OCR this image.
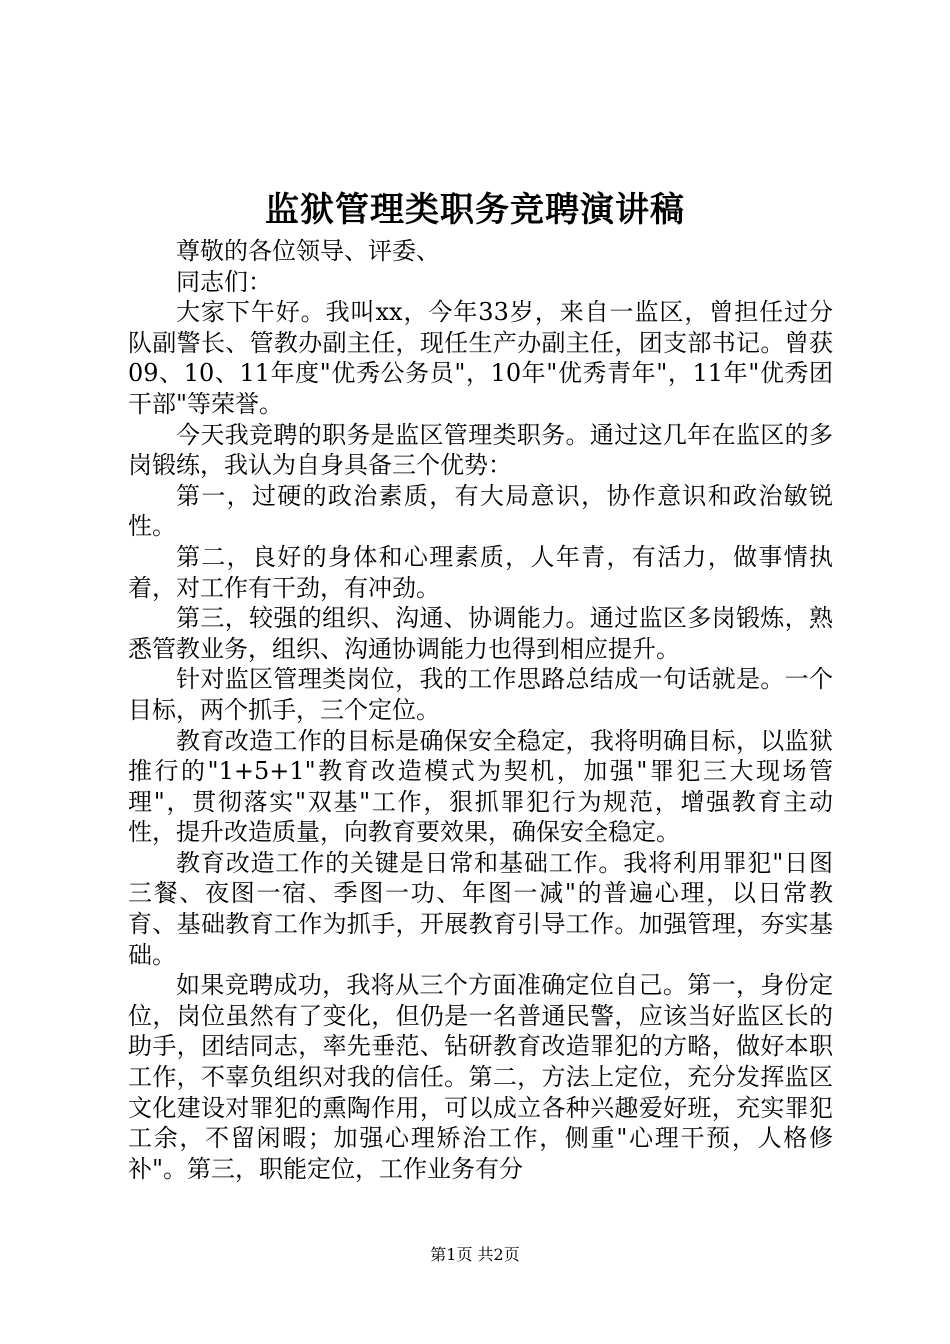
监狱管理类职务竞聘演讲稿

尊敬的各位领导、评委、

同志们：

大家下午好。我叫xx，今年33岁，来自一监区，曾担任过分队副警长、管教办副主任，现任生产办副主任，团支部书记。曾获09、10、11年度"优秀公务员"，10年"优秀青年"，11年"优秀团干部"等荣誉。

今天我竞聘的职务是监区管理类职务。通过这几年在监区的多岗锻练，我认为自身具备三个优势：

第一，过硬的政治素质，有大局意识，协作意识和政治敏锐性。

第二，良好的身体和心理素质，人年青，有活力，做事情执着，对工作有干劲，有冲劲。

第三，较强的组织、沟通、协调能力。通过监区多岗锻炼，熟悉管教业务，组织、沟通协调能力也得到相应提升。

针对监区管理类岗位，我的工作思路总结成一句话就是。一个目标，两个抓手，三个定位。

教育改造工作的目标是确保安全稳定，我将明确目标，以监狱推行的"1+5+1"教育改造模式为契机，加强"罪犯三大现场管理"，贯彻落实"双基"工作，狠抓罪犯行为规范，增强教育主动性，提升改造质量，向教育要效果，确保安全稳定。

教育改造工作的关键是日常和基础工作。我将利用罪犯"日图三餐、夜图一宿、季图一功、年图一减"的普遍心理，以日常教育、基础教育工作为抓手，开展教育引导工作。加强管理，夯实基础。

如果竞聘成功，我将从三个方面准确定位自己。第一，身份定位，岗位虽然有了变化，但仍是一名普通民警，应该当好监区长的助手，团结同志，率先垂范、钻研教育改造罪犯的方略，做好本职工作，不辜负组织对我的信任。第二，方法上定位，充分发挥监区文化建设对罪犯的熏陶作用，可以成立各种兴趣爱好班，充实罪犯工余，不留闲暇；加强心理矫治工作，侧重"心理干预，人格修补"。第三，职能定位，工作业务有分

第1页 共2页
